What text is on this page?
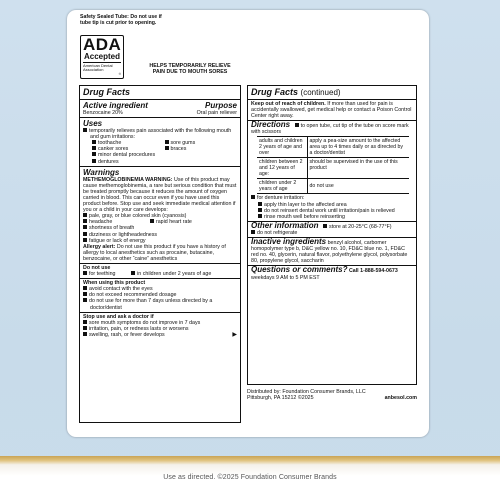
Safety Sealed Tube: Do not use if tube tip is cut prior to opening.
ADA
Accepted
American Dental Association
®
HELPS TEMPORARILY RELIEVE PAIN DUE TO MOUTH SORES
Drug Facts
Active ingredient	Purpose
Benzocaine 20%	Oral pain reliever
Uses
temporarily relieves pain associated with the following mouth and gum irritations:
toothache	sore gums
canker sores	braces
minor dental procedures
dentures
Warnings
METHEMOGLOBINEMIA WARNING: Use of this product may cause methemoglobinemia, a rare but serious condition that must be treated promptly because it reduces the amount of oxygen carried in blood. This can occur even if you have used this product before. Stop use and seek immediate medical attention if you or a child in your care develops:
pale, gray, or blue colored skin (cyanosis)
headache	rapid heart rate
shortness of breath
dizziness or lightheadedness
fatigue or lack of energy
Allergy alert: Do not use this product if you have a history of allergy to local anesthetics such as procaine, butacaine, benzocaine, or other “caine” anesthetics
Do not use
for teething	in children under 2 years of age
When using this product
avoid contact with the eyes
do not exceed recommended dosage
do not use for more than 7 days unless directed by a doctor/dentist
Stop use and ask a doctor if
sore mouth symptoms do not improve in 7 days
irritation, pain, or redness lasts or worsens
swelling, rash, or fever develops	▶
Drug Facts (continued)
Keep out of reach of children. If more than used for pain is accidentally swallowed, get medical help or contact a Poison Control Center right away.
Directions to open tube, cut tip of the tube on score mark with scissors
adults and children 2 years of age and over	apply a pea-size amount to the affected area up to 4 times daily or as directed by a doctor/dentist
children between 2 and 12 years of age:	should be supervised in the use of this product
children under 2 years of age	do not use
for denture irritation:
apply thin layer to the affected area
do not reinsert dental work until irritation/pain is relieved
rinse mouth well before reinserting
Other information store at 20-25°C (68-77°F)
do not refrigerate
Inactive ingredients benzyl alcohol, carbomer homopolymer type b, D&C yellow no. 10, FD&C blue no. 1, FD&C red no. 40, glycerin, natural flavor, polyethylene glycol, polysorbate 80, propylene glycol, saccharin
Questions or comments? Call 1-888-594-0673
weekdays 9 AM to 5 PM EST
Distributed by: Foundation Consumer Brands, LLC
Pittsburgh, PA 15212 ©2025	anbesol.com
Use as directed. ©2025 Foundation Consumer Brands
